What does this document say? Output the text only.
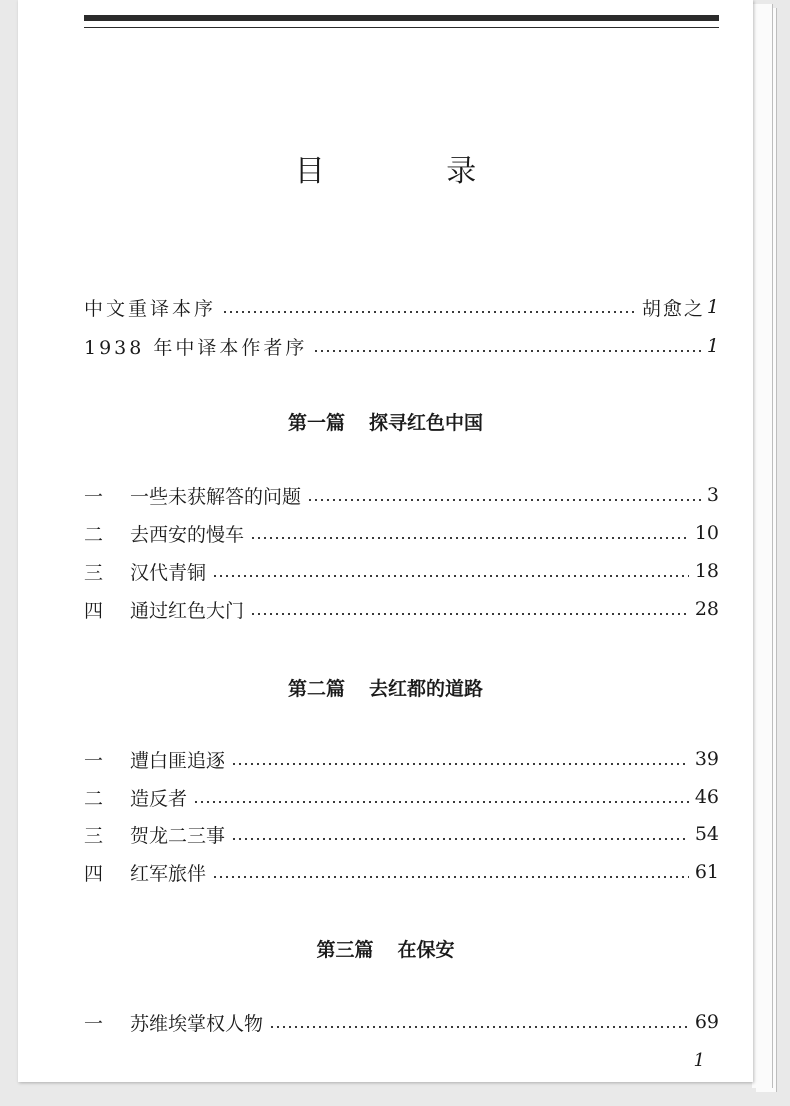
目 录
中文重译本序	胡愈之 1
1938 年中译本作者序	1
第一篇 探寻红色中国
一	一些未获解答的问题	3
二	去西安的慢车	10
三	汉代青铜	18
四	通过红色大门	28
第二篇 去红都的道路
一	遭白匪追逐	39
二	造反者	46
三	贺龙二三事	54
四	红军旅伴	61
第三篇 在保安
一	苏维埃掌权人物	69
1
